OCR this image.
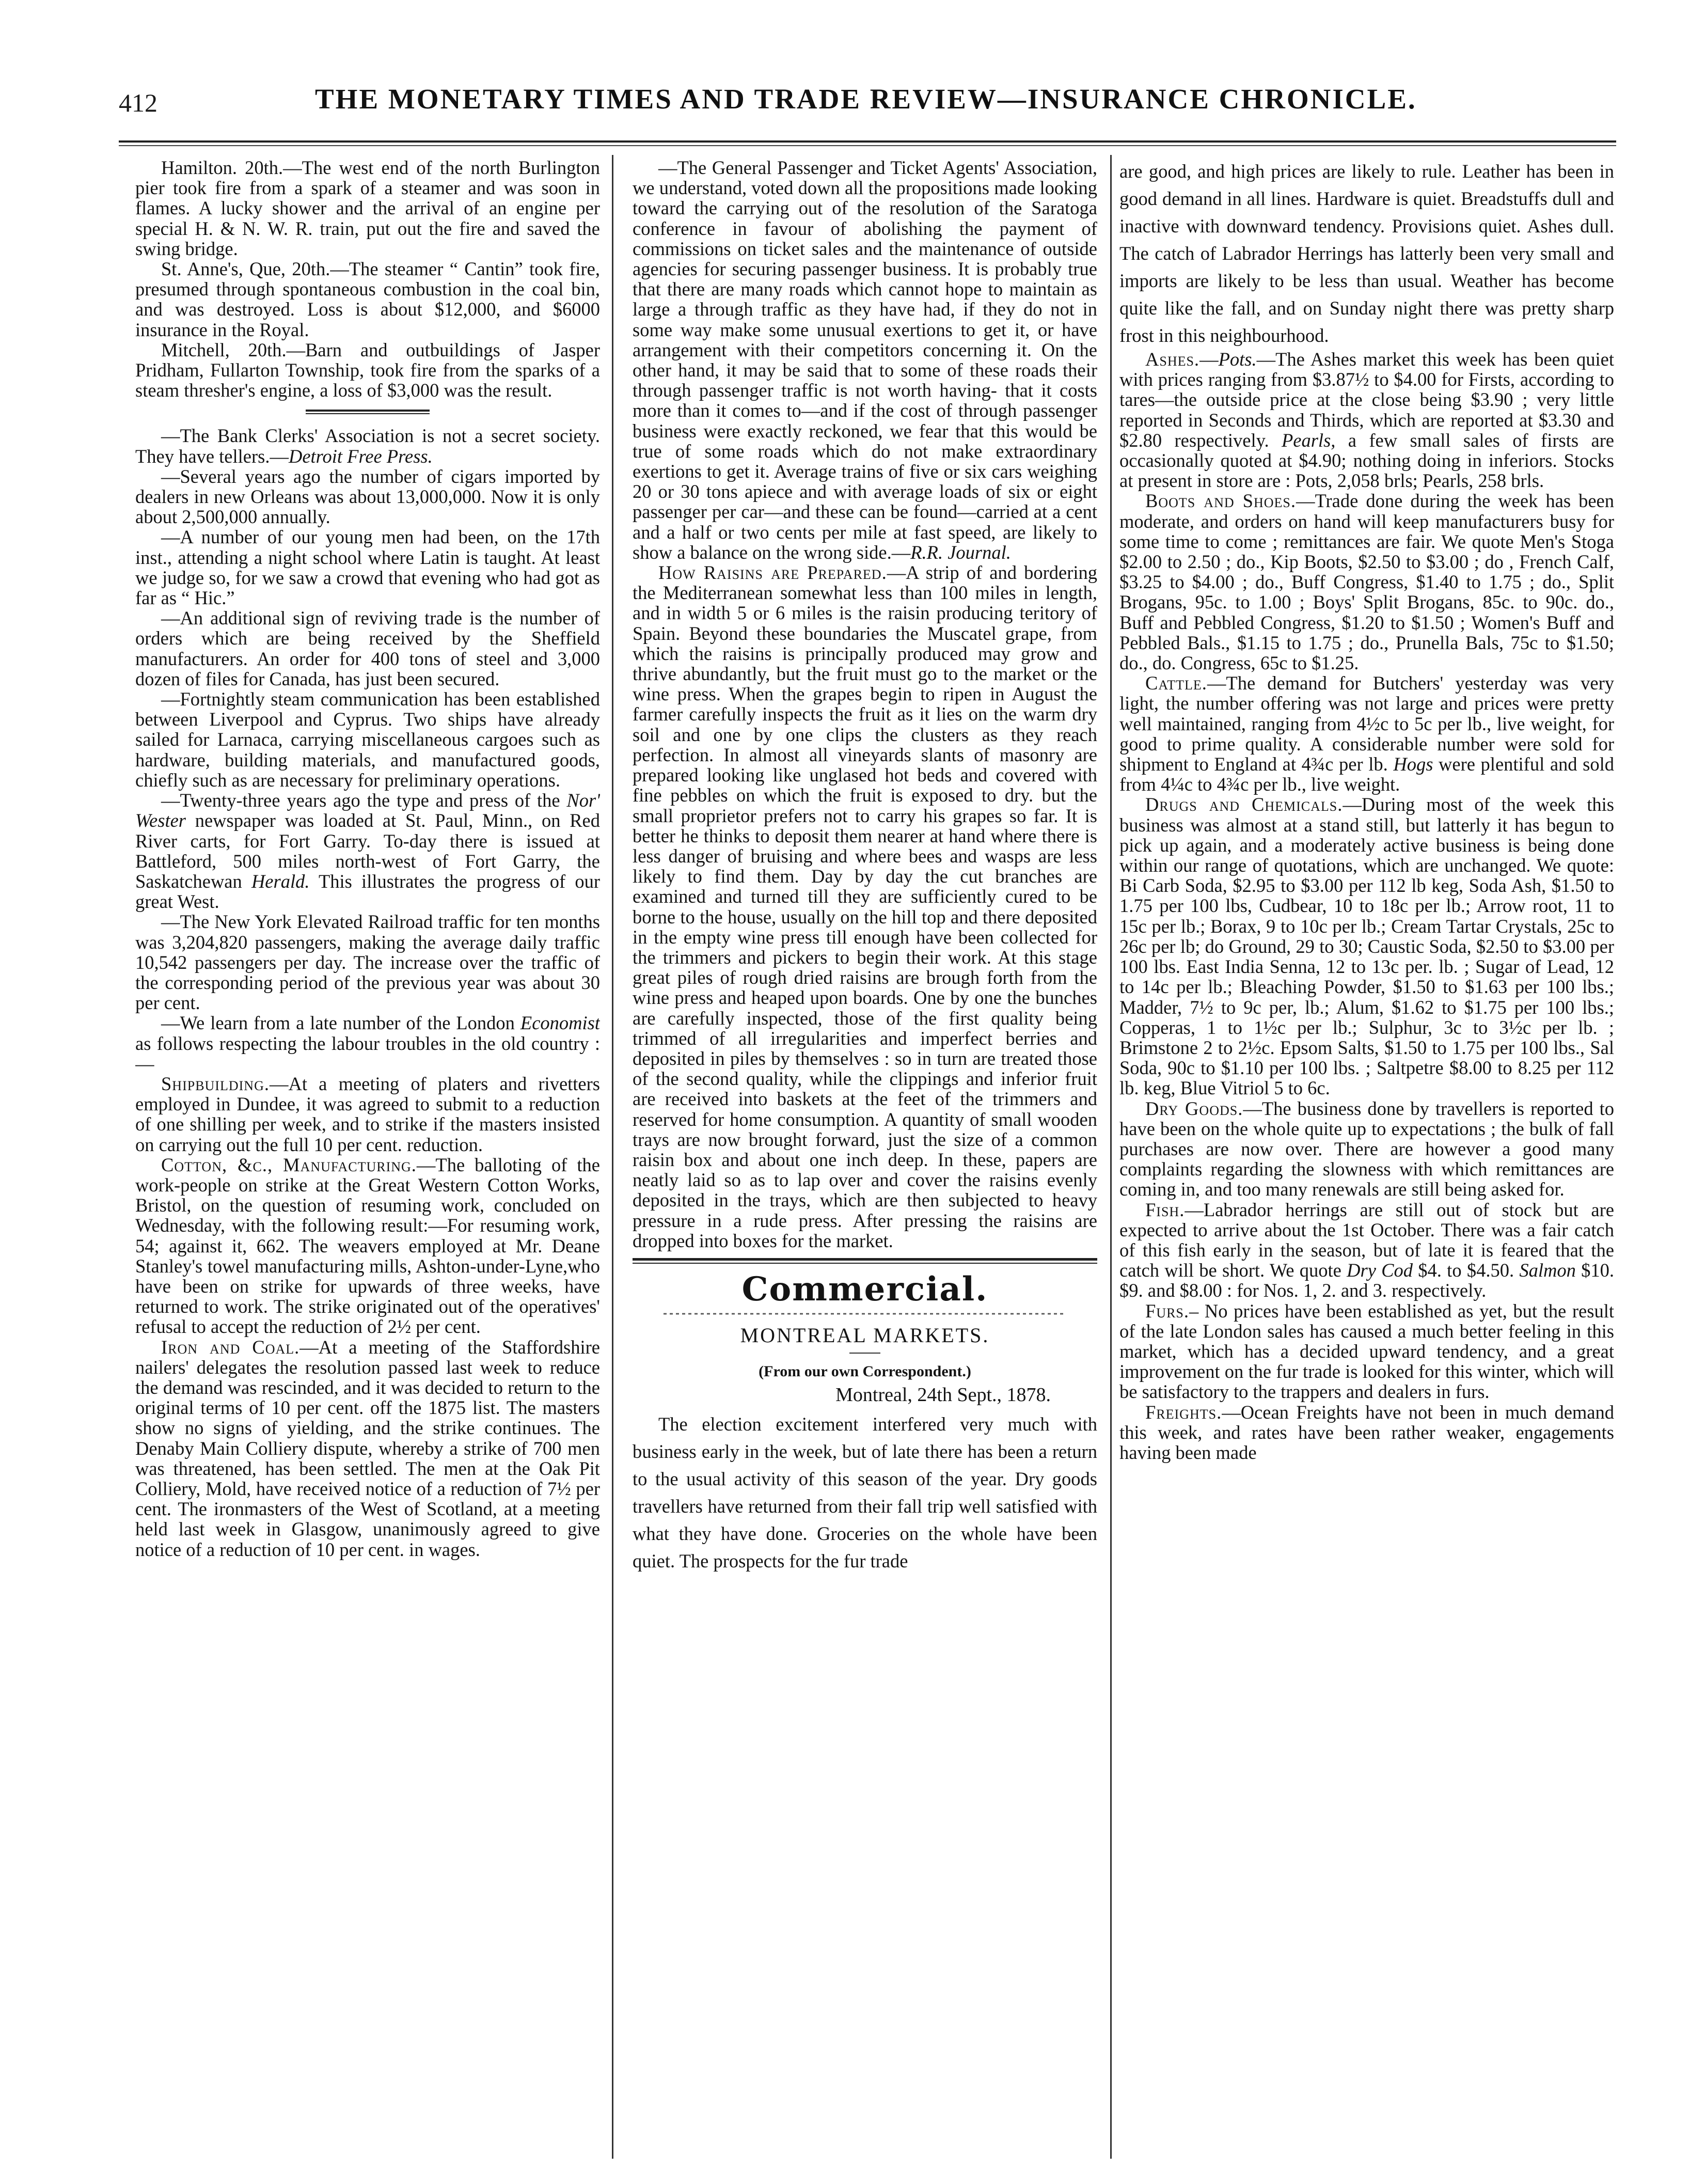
412	THE MONETARY TIMES AND TRADE REVIEW—INSURANCE CHRONICLE.

Hamilton. 20th.—The west end of the north Burlington pier took fire from a spark of a steamer and was soon in flames. A lucky shower and the arrival of an engine per special H. & N. W. R. train, put out the fire and saved the swing bridge.

St. Anne's, Que, 20th.—The steamer “ Cantin” took fire, presumed through spontaneous combustion in the coal bin, and was destroyed. Loss is about $12,000, and $6000 insurance in the Royal.

Mitchell, 20th.—Barn and outbuildings of Jasper Pridham, Fullarton Township, took fire from the sparks of a steam thresher's engine, a loss of $3,000 was the result.

—The Bank Clerks' Association is not a secret society. They have tellers.—Detroit Free Press.

—Several years ago the number of cigars imported by dealers in new Orleans was about 13,000,000. Now it is only about 2,500,000 annually.

—A number of our young men had been, on the 17th inst., attending a night school where Latin is taught. At least we judge so, for we saw a crowd that evening who had got as far as “ Hic.”

—An additional sign of reviving trade is the number of orders which are being received by the Sheffield manufacturers. An order for 400 tons of steel and 3,000 dozen of files for Canada, has just been secured.

—Fortnightly steam communication has been established between Liverpool and Cyprus. Two ships have already sailed for Larnaca, carrying miscellaneous cargoes such as hardware, building materials, and manufactured goods, chiefly such as are necessary for preliminary operations.

—Twenty-three years ago the type and press of the Nor' Wester newspaper was loaded at St. Paul, Minn., on Red River carts, for Fort Garry. To-day there is issued at Battleford, 500 miles north-west of Fort Garry, the Saskatchewan Herald. This illustrates the progress of our great West.

—The New York Elevated Railroad traffic for ten months was 3,204,820 passengers, making the average daily traffic 10,542 passengers per day. The increase over the traffic of the corresponding period of the previous year was about 30 per cent.

—We learn from a late number of the London Economist as follows respecting the labour troubles in the old country :—

Shipbuilding.—At a meeting of platers and rivetters employed in Dundee, it was agreed to submit to a reduction of one shilling per week, and to strike if the masters insisted on carrying out the full 10 per cent. reduction.

Cotton, &c., Manufacturing.—The balloting of the work-people on strike at the Great Western Cotton Works, Bristol, on the question of resuming work, concluded on Wednesday, with the following result:—For resuming work, 54; against it, 662. The weavers employed at Mr. Deane Stanley's towel manufacturing mills, Ashton-under-Lyne,who have been on strike for upwards of three weeks, have returned to work. The strike originated out of the operatives' refusal to accept the reduction of 2½ per cent.

Iron and Coal.—At a meeting of the Staffordshire nailers' delegates the resolution passed last week to reduce the demand was rescinded, and it was decided to return to the original terms of 10 per cent. off the 1875 list. The masters show no signs of yielding, and the strike continues. The Denaby Main Colliery dispute, whereby a strike of 700 men was threatened, has been settled. The men at the Oak Pit Colliery, Mold, have received notice of a reduction of 7½ per cent. The ironmasters of the West of Scotland, at a meeting held last week in Glasgow, unanimously agreed to give notice of a reduction of 10 per cent. in wages.

—The General Passenger and Ticket Agents' Association, we understand, voted down all the propositions made looking toward the carrying out of the resolution of the Saratoga conference in favour of abolishing the payment of commissions on ticket sales and the maintenance of outside agencies for securing passenger business. It is probably true that there are many roads which cannot hope to maintain as large a through traffic as they have had, if they do not in some way make some unusual exertions to get it, or have arrangement with their competitors concerning it. On the other hand, it may be said that to some of these roads their through passenger traffic is not worth having- that it costs more than it comes to—and if the cost of through passenger business were exactly reckoned, we fear that this would be true of some roads which do not make extraordinary exertions to get it. Average trains of five or six cars weighing 20 or 30 tons apiece and with average loads of six or eight passenger per car—and these can be found—carried at a cent and a half or two cents per mile at fast speed, are likely to show a balance on the wrong side.—R.R. Journal.

How Raisins are Prepared.—A strip of and bordering the Mediterranean somewhat less than 100 miles in length, and in width 5 or 6 miles is the raisin producing teritory of Spain. Beyond these boundaries the Muscatel grape, from which the raisins is principally produced may grow and thrive abundantly, but the fruit must go to the market or the wine press. When the grapes begin to ripen in August the farmer carefully inspects the fruit as it lies on the warm dry soil and one by one clips the clusters as they reach perfection. In almost all vineyards slants of masonry are prepared looking like unglased hot beds and covered with fine pebbles on which the fruit is exposed to dry. but the small proprietor prefers not to carry his grapes so far. It is better he thinks to deposit them nearer at hand where there is less danger of bruising and where bees and wasps are less likely to find them. Day by day the cut branches are examined and turned till they are sufficiently cured to be borne to the house, usually on the hill top and there deposited in the empty wine press till enough have been collected for the trimmers and pickers to begin their work. At this stage great piles of rough dried raisins are brough forth from the wine press and heaped upon boards. One by one the bunches are carefully inspected, those of the first quality being trimmed of all irregularities and imperfect berries and deposited in piles by themselves : so in turn are treated those of the second quality, while the clippings and inferior fruit are received into baskets at the feet of the trimmers and reserved for home consumption. A quantity of small wooden trays are now brought forward, just the size of a common raisin box and about one inch deep. In these, papers are neatly laid so as to lap over and cover the raisins evenly deposited in the trays, which are then subjected to heavy pressure in a rude press. After pressing the raisins are dropped into boxes for the market.

Commercial.
MONTREAL MARKETS.
(From our own Correspondent.)
Montreal, 24th Sept., 1878.

The election excitement interfered very much with business early in the week, but of late there has been a return to the usual activity of this season of the year. Dry goods travellers have returned from their fall trip well satisfied with what they have done. Groceries on the whole have been quiet. The prospects for the fur trade

are good, and high prices are likely to rule. Leather has been in good demand in all lines. Hardware is quiet. Breadstuffs dull and inactive with downward tendency. Provisions quiet. Ashes dull. The catch of Labrador Herrings has latterly been very small and imports are likely to be less than usual. Weather has become quite like the fall, and on Sunday night there was pretty sharp frost in this neighbourhood.

Ashes.—Pots.—The Ashes market this week has been quiet with prices ranging from $3.87½ to $4.00 for Firsts, according to tares—the outside price at the close being $3.90 ; very little reported in Seconds and Thirds, which are reported at $3.30 and $2.80 respectively. Pearls, a few small sales of firsts are occasionally quoted at $4.90; nothing doing in inferiors. Stocks at present in store are : Pots, 2,058 brls; Pearls, 258 brls.

Boots and Shoes.—Trade done during the week has been moderate, and orders on hand will keep manufacturers busy for some time to come ; remittances are fair. We quote Men's Stoga $2.00 to 2.50 ; do., Kip Boots, $2.50 to $3.00 ; do , French Calf, $3.25 to $4.00 ; do., Buff Congress, $1.40 to 1.75 ; do., Split Brogans, 95c. to 1.00 ; Boys' Split Brogans, 85c. to 90c. do., Buff and Pebbled Congress, $1.20 to $1.50 ; Women's Buff and Pebbled Bals., $1.15 to 1.75 ; do., Prunella Bals, 75c to $1.50; do., do. Congress, 65c to $1.25.

Cattle.—The demand for Butchers' yesterday was very light, the number offering was not large and prices were pretty well maintained, ranging from 4½c to 5c per lb., live weight, for good to prime quality. A considerable number were sold for shipment to England at 4¾c per lb. Hogs were plentiful and sold from 4¼c to 4¾c per lb., live weight.

Drugs and Chemicals.—During most of the week this business was almost at a stand still, but latterly it has begun to pick up again, and a moderately active business is being done within our range of quotations, which are unchanged. We quote: Bi Carb Soda, $2.95 to $3.00 per 112 lb keg, Soda Ash, $1.50 to 1.75 per 100 lbs, Cudbear, 10 to 18c per lb.; Arrow root, 11 to 15c per lb.; Borax, 9 to 10c per lb.; Cream Tartar Crystals, 25c to 26c per lb; do Ground, 29 to 30; Caustic Soda, $2.50 to $3.00 per 100 lbs. East India Senna, 12 to 13c per. lb. ; Sugar of Lead, 12 to 14c per lb.; Bleaching Powder, $1.50 to $1.63 per 100 lbs.; Madder, 7½ to 9c per, lb.; Alum, $1.62 to $1.75 per 100 lbs.; Copperas, 1 to 1½c per lb.; Sulphur, 3c to 3½c per lb. ; Brimstone 2 to 2½c. Epsom Salts, $1.50 to 1.75 per 100 lbs., Sal Soda, 90c to $1.10 per 100 lbs. ; Saltpetre $8.00 to 8.25 per 112 lb. keg, Blue Vitriol 5 to 6c.

Dry Goods.—The business done by travellers is reported to have been on the whole quite up to expectations ; the bulk of fall purchases are now over. There are however a good many complaints regarding the slowness with which remittances are coming in, and too many renewals are still being asked for.

Fish.—Labrador herrings are still out of stock but are expected to arrive about the 1st October. There was a fair catch of this fish early in the season, but of late it is feared that the catch will be short. We quote Dry Cod $4. to $4.50. Salmon $10. $9. and $8.00 : for Nos. 1, 2. and 3. respectively.

Furs.– No prices have been established as yet, but the result of the late London sales has caused a much better feeling in this market, which has a decided upward tendency, and a great improvement on the fur trade is looked for this winter, which will be satisfactory to the trappers and dealers in furs.

Freights.—Ocean Freights have not been in much demand this week, and rates have been rather weaker, engagements having been made
